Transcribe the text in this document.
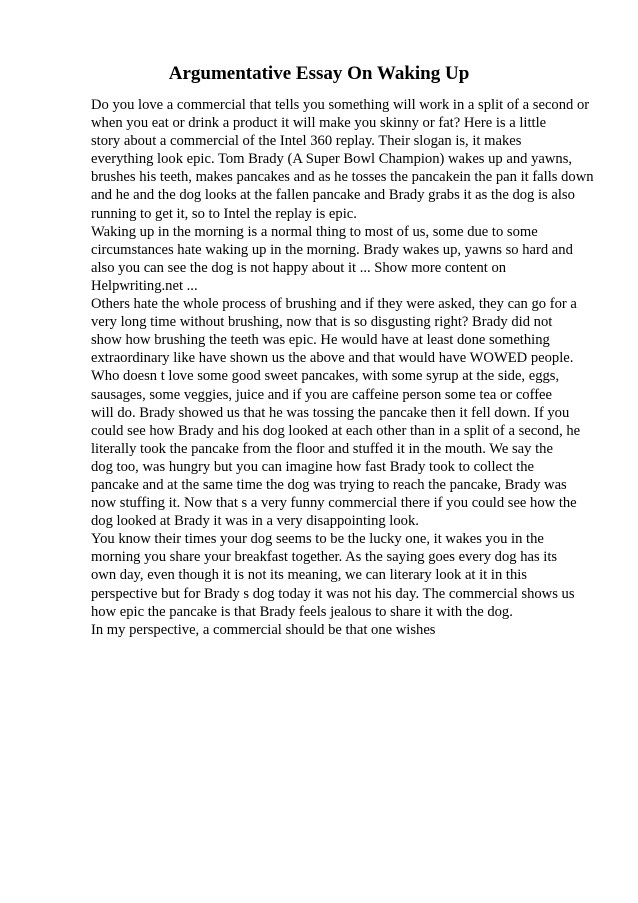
Argumentative Essay On Waking Up
Do you love a commercial that tells you something will work in a split of a second or
when you eat or drink a product it will make you skinny or fat? Here is a little
story about a commercial of the Intel 360 replay. Their slogan is, it makes
everything look epic. Tom Brady (A Super Bowl Champion) wakes up and yawns,
brushes his teeth, makes pancakes and as he tosses the pancakein the pan it falls down
and he and the dog looks at the fallen pancake and Brady grabs it as the dog is also
running to get it, so to Intel the replay is epic.
Waking up in the morning is a normal thing to most of us, some due to some
circumstances hate waking up in the morning. Brady wakes up, yawns so hard and
also you can see the dog is not happy about it ... Show more content on
Helpwriting.net ...
Others hate the whole process of brushing and if they were asked, they can go for a
very long time without brushing, now that is so disgusting right? Brady did not
show how brushing the teeth was epic. He would have at least done something
extraordinary like have shown us the above and that would have WOWED people.
Who doesn t love some good sweet pancakes, with some syrup at the side, eggs,
sausages, some veggies, juice and if you are caffeine person some tea or coffee
will do. Brady showed us that he was tossing the pancake then it fell down. If you
could see how Brady and his dog looked at each other than in a split of a second, he
literally took the pancake from the floor and stuffed it in the mouth. We say the
dog too, was hungry but you can imagine how fast Brady took to collect the
pancake and at the same time the dog was trying to reach the pancake, Brady was
now stuffing it. Now that s a very funny commercial there if you could see how the
dog looked at Brady it was in a very disappointing look.
You know their times your dog seems to be the lucky one, it wakes you in the
morning you share your breakfast together. As the saying goes every dog has its
own day, even though it is not its meaning, we can literary look at it in this
perspective but for Brady s dog today it was not his day. The commercial shows us
how epic the pancake is that Brady feels jealous to share it with the dog.
In my perspective, a commercial should be that one wishes
